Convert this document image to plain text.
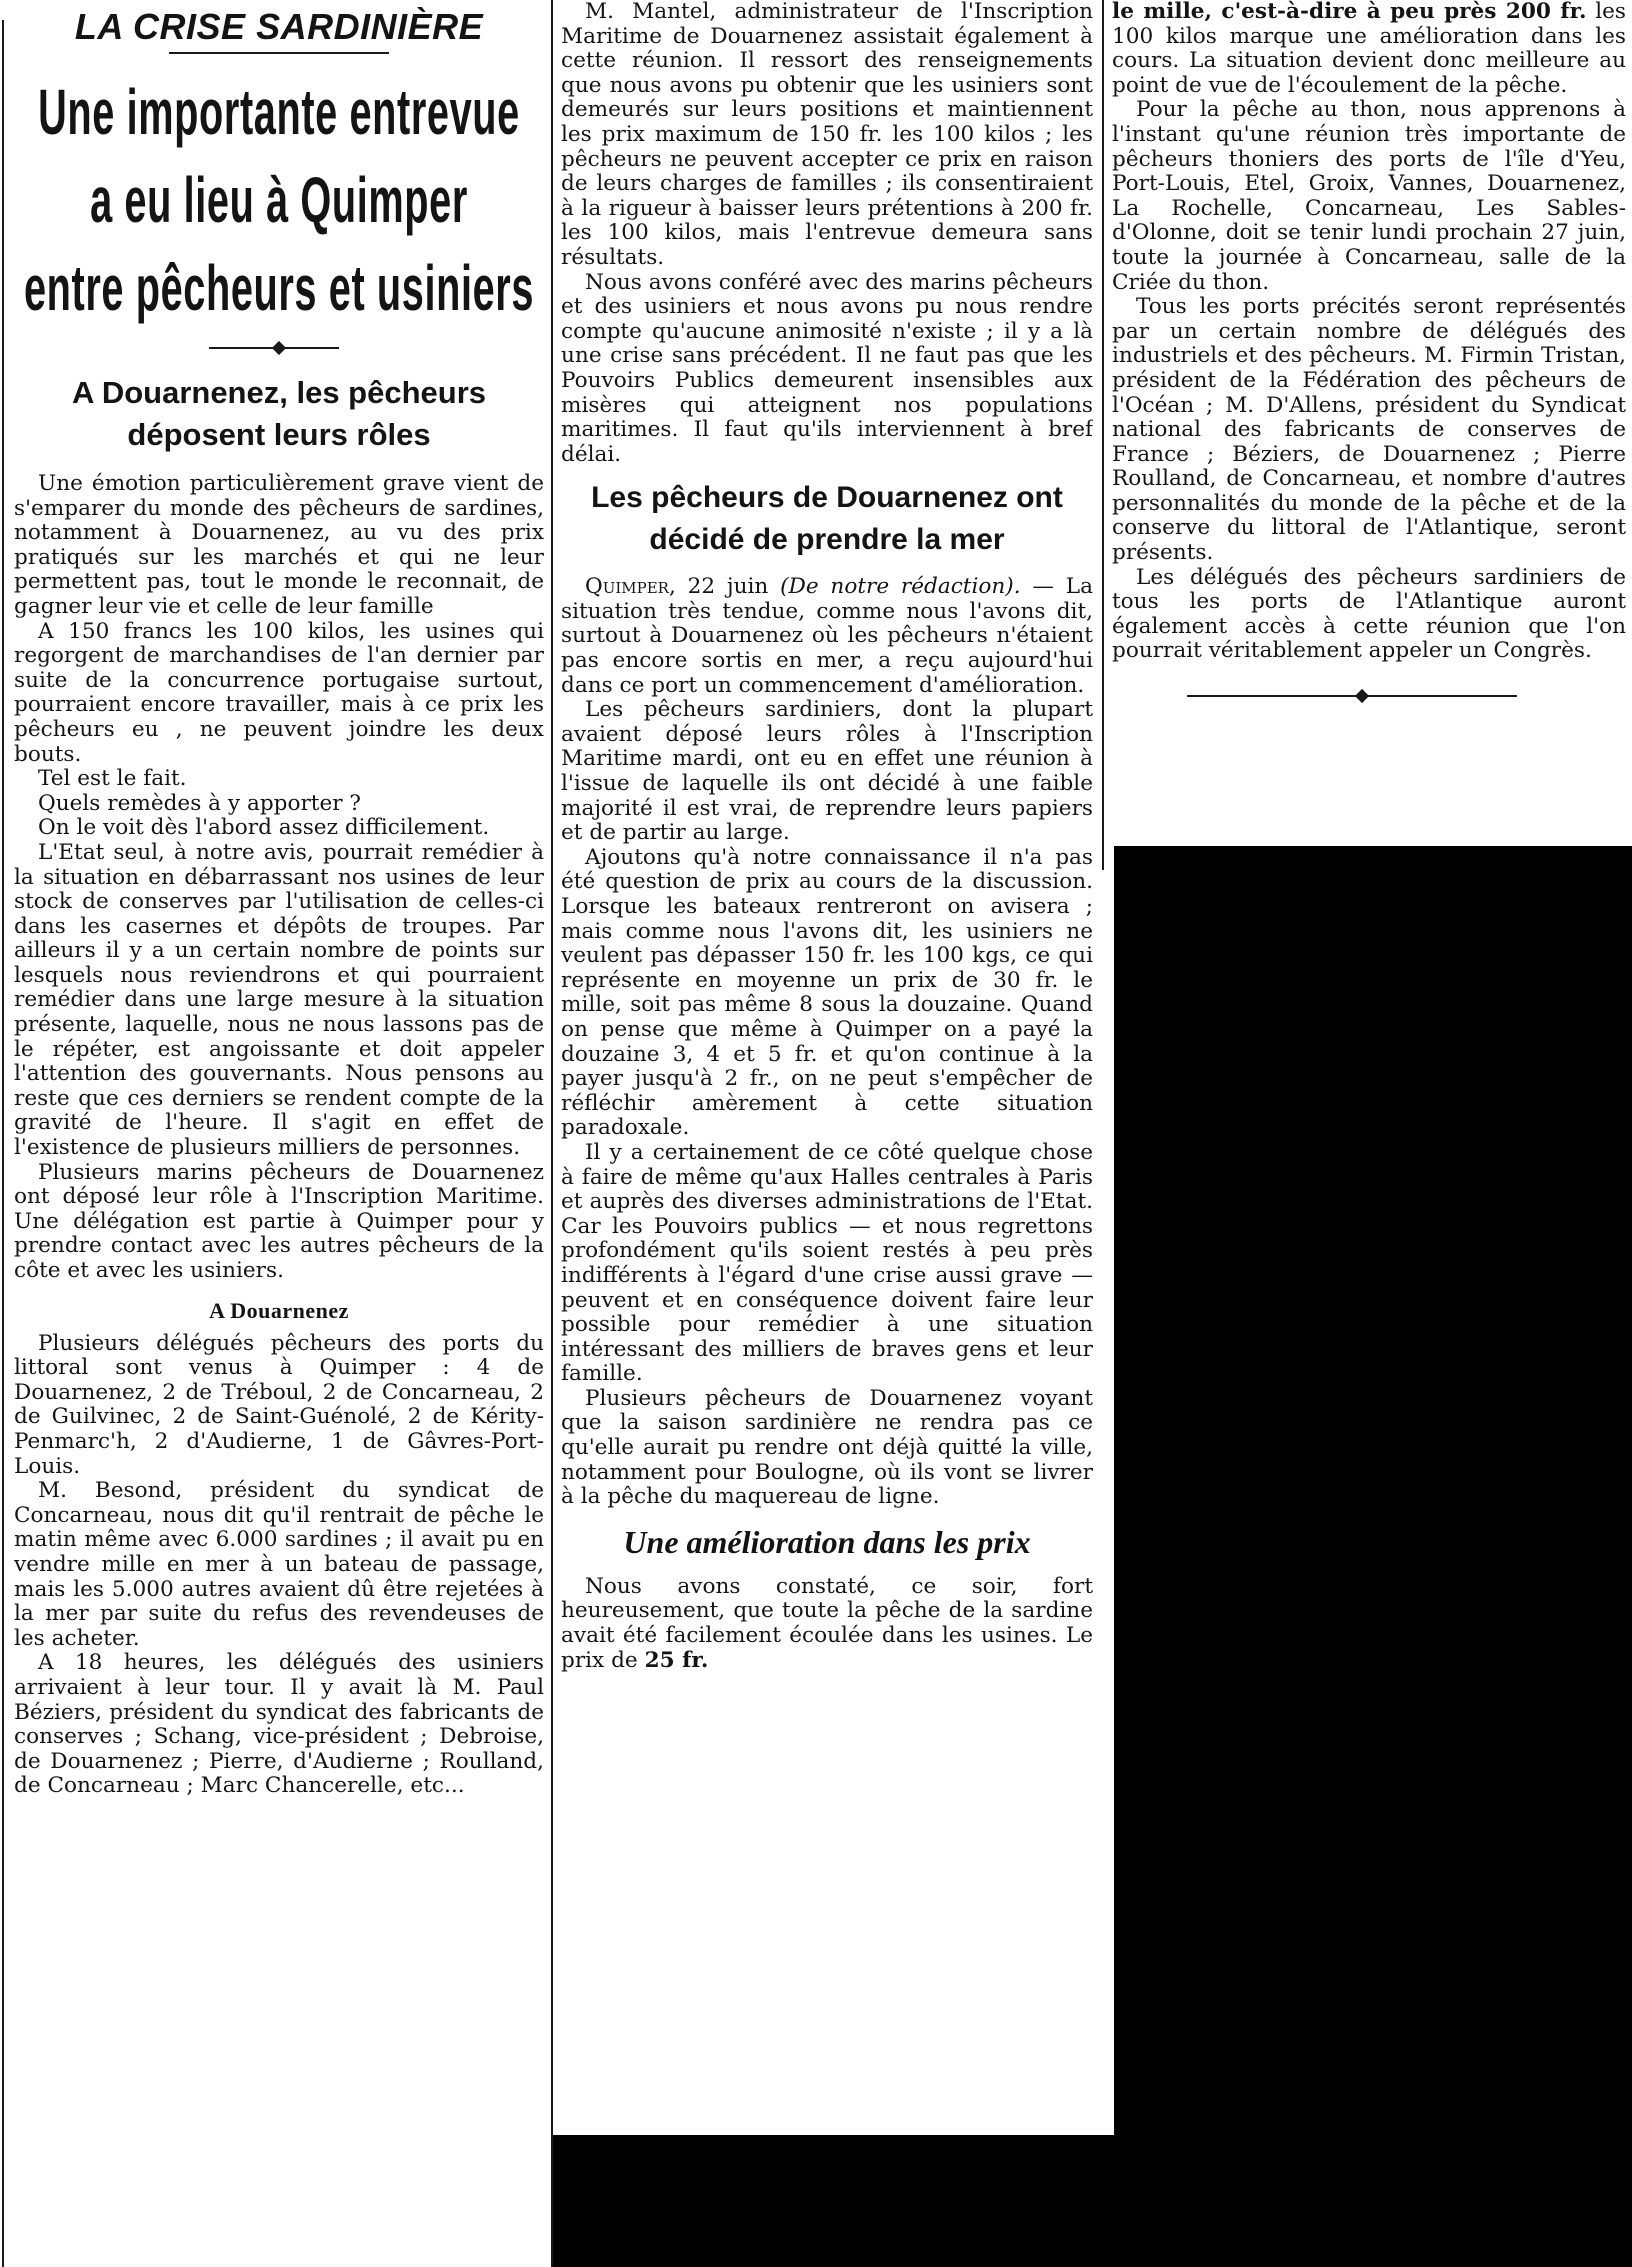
LA CRISE SARDINIÈRE
Une importante entrevue
a eu lieu à Quimper
entre pêcheurs et usiniers
A Douarnenez, les pêcheurs déposent leurs rôles

Une émotion particulièrement grave vient de s'emparer du monde des pêcheurs de sardines, notamment à Douarnenez, au vu des prix pratiqués sur les marchés et qui ne leur permettent pas, tout le monde le reconnait, de gagner leur vie et celle de leur famille

A 150 francs les 100 kilos, les usines qui regorgent de marchandises de l'an dernier par suite de la concurrence portugaise surtout, pourraient encore travailler, mais à ce prix les pêcheurs eu , ne peuvent joindre les deux bouts.

Tel est le fait.

Quels remèdes à y apporter ?

On le voit dès l'abord assez difficilement.

L'Etat seul, à notre avis, pourrait remédier à la situation en débarrassant nos usines de leur stock de conserves par l'utilisation de celles-ci dans les casernes et dépôts de troupes. Par ailleurs il y a un certain nombre de points sur lesquels nous reviendrons et qui pourraient remédier dans une large mesure à la situation présente, laquelle, nous ne nous lassons pas de le répéter, est angoissante et doit appeler l'attention des gouvernants. Nous pensons au reste que ces derniers se rendent compte de la gravité de l'heure. Il s'agit en effet de l'existence de plusieurs milliers de personnes.

Plusieurs marins pêcheurs de Douarnenez ont déposé leur rôle à l'Inscription Maritime. Une délégation est partie à Quimper pour y prendre contact avec les autres pêcheurs de la côte et avec les usiniers.

A Douarnenez

Plusieurs délégués pêcheurs des ports du littoral sont venus à Quimper : 4 de Douarnenez, 2 de Tréboul, 2 de Concarneau, 2 de Guilvinec, 2 de Saint-Guénolé, 2 de Kérity-Penmarc'h, 2 d'Audierne, 1 de Gâvres-Port-Louis.

M. Besond, président du syndicat de Concarneau, nous dit qu'il rentrait de pêche le matin même avec 6.000 sardines ; il avait pu en vendre mille en mer à un bateau de passage, mais les 5.000 autres avaient dû être rejetées à la mer par suite du refus des revendeuses de les acheter.

A 18 heures, les délégués des usiniers arrivaient à leur tour. Il y avait là M. Paul Béziers, président du syndicat des fabricants de conserves ; Schang, vice-président ; Debroise, de Douarnenez ; Pierre, d'Audierne ; Roulland, de Concarneau ; Marc Chancerelle, etc...

M. Mantel, administrateur de l'Inscription Maritime de Douarnenez assistait également à cette réunion. Il ressort des renseignements que nous avons pu obtenir que les usiniers sont demeurés sur leurs positions et maintiennent les prix maximum de 150 fr. les 100 kilos ; les pêcheurs ne peuvent accepter ce prix en raison de leurs charges de familles ; ils consentiraient à la rigueur à baisser leurs prétentions à 200 fr. les 100 kilos, mais l'entrevue demeura sans résultats.

Nous avons conféré avec des marins pêcheurs et des usiniers et nous avons pu nous rendre compte qu'aucune animosité n'existe ; il y a là une crise sans précédent. Il ne faut pas que les Pouvoirs Publics demeurent insensibles aux misères qui atteignent nos populations maritimes. Il faut qu'ils interviennent à bref délai.

Les pêcheurs de Douarnenez ont décidé de prendre la mer

Quimper, 22 juin (De notre rédaction). — La situation très tendue, comme nous l'avons dit, surtout à Douarnenez où les pêcheurs n'étaient pas encore sortis en mer, a reçu aujourd'hui dans ce port un commencement d'amélioration.

Les pêcheurs sardiniers, dont la plupart avaient déposé leurs rôles à l'Inscription Maritime mardi, ont eu en effet une réunion à l'issue de laquelle ils ont décidé à une faible majorité il est vrai, de reprendre leurs papiers et de partir au large.

Ajoutons qu'à notre connaissance il n'a pas été question de prix au cours de la discussion. Lorsque les bateaux rentreront on avisera ; mais comme nous l'avons dit, les usiniers ne veulent pas dépasser 150 fr. les 100 kgs, ce qui représente en moyenne un prix de 30 fr. le mille, soit pas même 8 sous la douzaine. Quand on pense que même à Quimper on a payé la douzaine 3, 4 et 5 fr. et qu'on continue à la payer jusqu'à 2 fr., on ne peut s'empêcher de réfléchir amèrement à cette situation paradoxale.

Il y a certainement de ce côté quelque chose à faire de même qu'aux Halles centrales à Paris et auprès des diverses administrations de l'Etat. Car les Pouvoirs publics — et nous regrettons profondément qu'ils soient restés à peu près indifférents à l'égard d'une crise aussi grave — peuvent et en conséquence doivent faire leur possible pour remédier à une situation intéressant des milliers de braves gens et leur famille.

Plusieurs pêcheurs de Douarnenez voyant que la saison sardinière ne rendra pas ce qu'elle aurait pu rendre ont déjà quitté la ville, notamment pour Boulogne, où ils vont se livrer à la pêche du maquereau de ligne.

Une amélioration dans les prix

Nous avons constaté, ce soir, fort heureusement, que toute la pêche de la sardine avait été facilement écoulée dans les usines. Le prix de 25 fr.

le mille, c'est-à-dire à peu près 200 fr. les 100 kilos marque une amélioration dans les cours. La situation devient donc meilleure au point de vue de l'écoulement de la pêche.

Pour la pêche au thon, nous apprenons à l'instant qu'une réunion très importante de pêcheurs thoniers des ports de l'île d'Yeu, Port-Louis, Etel, Groix, Vannes, Douarnenez, La Rochelle, Concarneau, Les Sables-d'Olonne, doit se tenir lundi prochain 27 juin, toute la journée à Concarneau, salle de la Criée du thon.

Tous les ports précités seront représentés par un certain nombre de délégués des industriels et des pêcheurs. M. Firmin Tristan, président de la Fédération des pêcheurs de l'Océan ; M. D'Allens, président du Syndicat national des fabricants de conserves de France ; Béziers, de Douarnenez ; Pierre Roulland, de Concarneau, et nombre d'autres personnalités du monde de la pêche et de la conserve du littoral de l'Atlantique, seront présents.

Les délégués des pêcheurs sardiniers de tous les ports de l'Atlantique auront également accès à cette réunion que l'on pourrait véritablement appeler un Congrès.
